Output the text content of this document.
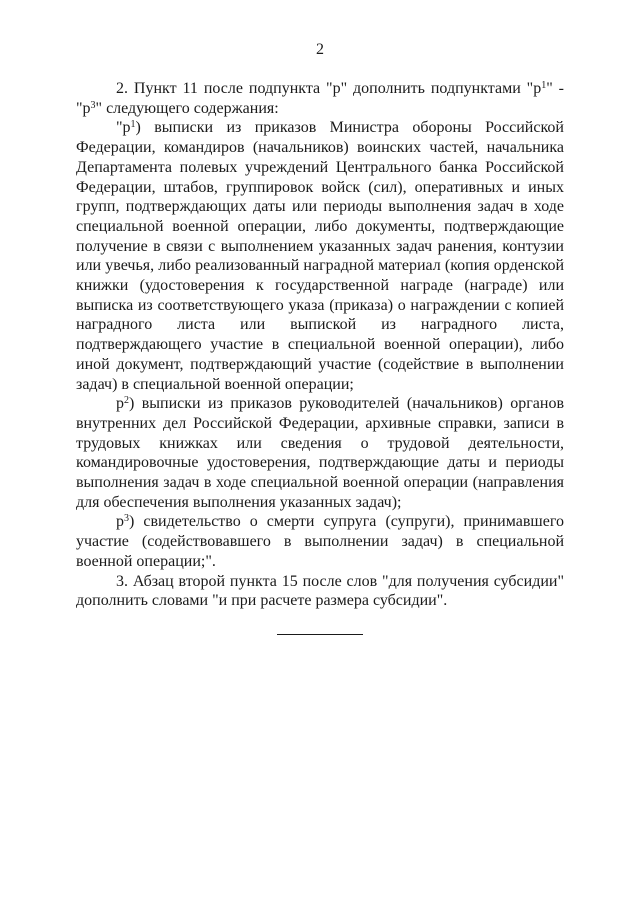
2

2. Пункт 11 после подпункта "р" дополнить подпунктами "$р^1$" - "$р^3$" следующего содержания:

"$р^1$) выписки из приказов Министра обороны Российской Федерации, командиров (начальников) воинских частей, начальника Департамента полевых учреждений Центрального банка Российской Федерации, штабов, группировок войск (сил), оперативных и иных групп, подтверждающих даты или периоды выполнения задач в ходе специальной военной операции, либо документы, подтверждающие получение в связи с выполнением указанных задач ранения, контузии или увечья, либо реализованный наградной материал (копия орденской книжки (удостоверения к государственной награде (награде) или выписка из соответствующего указа (приказа) о награждении с копией наградного листа или выпиской из наградного листа, подтверждающего участие в специальной военной операции), либо иной документ, подтверждающий участие (содействие в выполнении задач) в специальной военной операции;

$р^2$) выписки из приказов руководителей (начальников) органов внутренних дел Российской Федерации, архивные справки, записи в трудовых книжках или сведения о трудовой деятельности, командировочные удостоверения, подтверждающие даты и периоды выполнения задач в ходе специальной военной операции (направления для обеспечения выполнения указанных задач);

$р^3$) свидетельство о смерти супруга (супруги), принимавшего участие (содействовавшего в выполнении задач) в специальной военной операции;".

3. Абзац второй пункта 15 после слов "для получения субсидии" дополнить словами "и при расчете размера субсидии".
